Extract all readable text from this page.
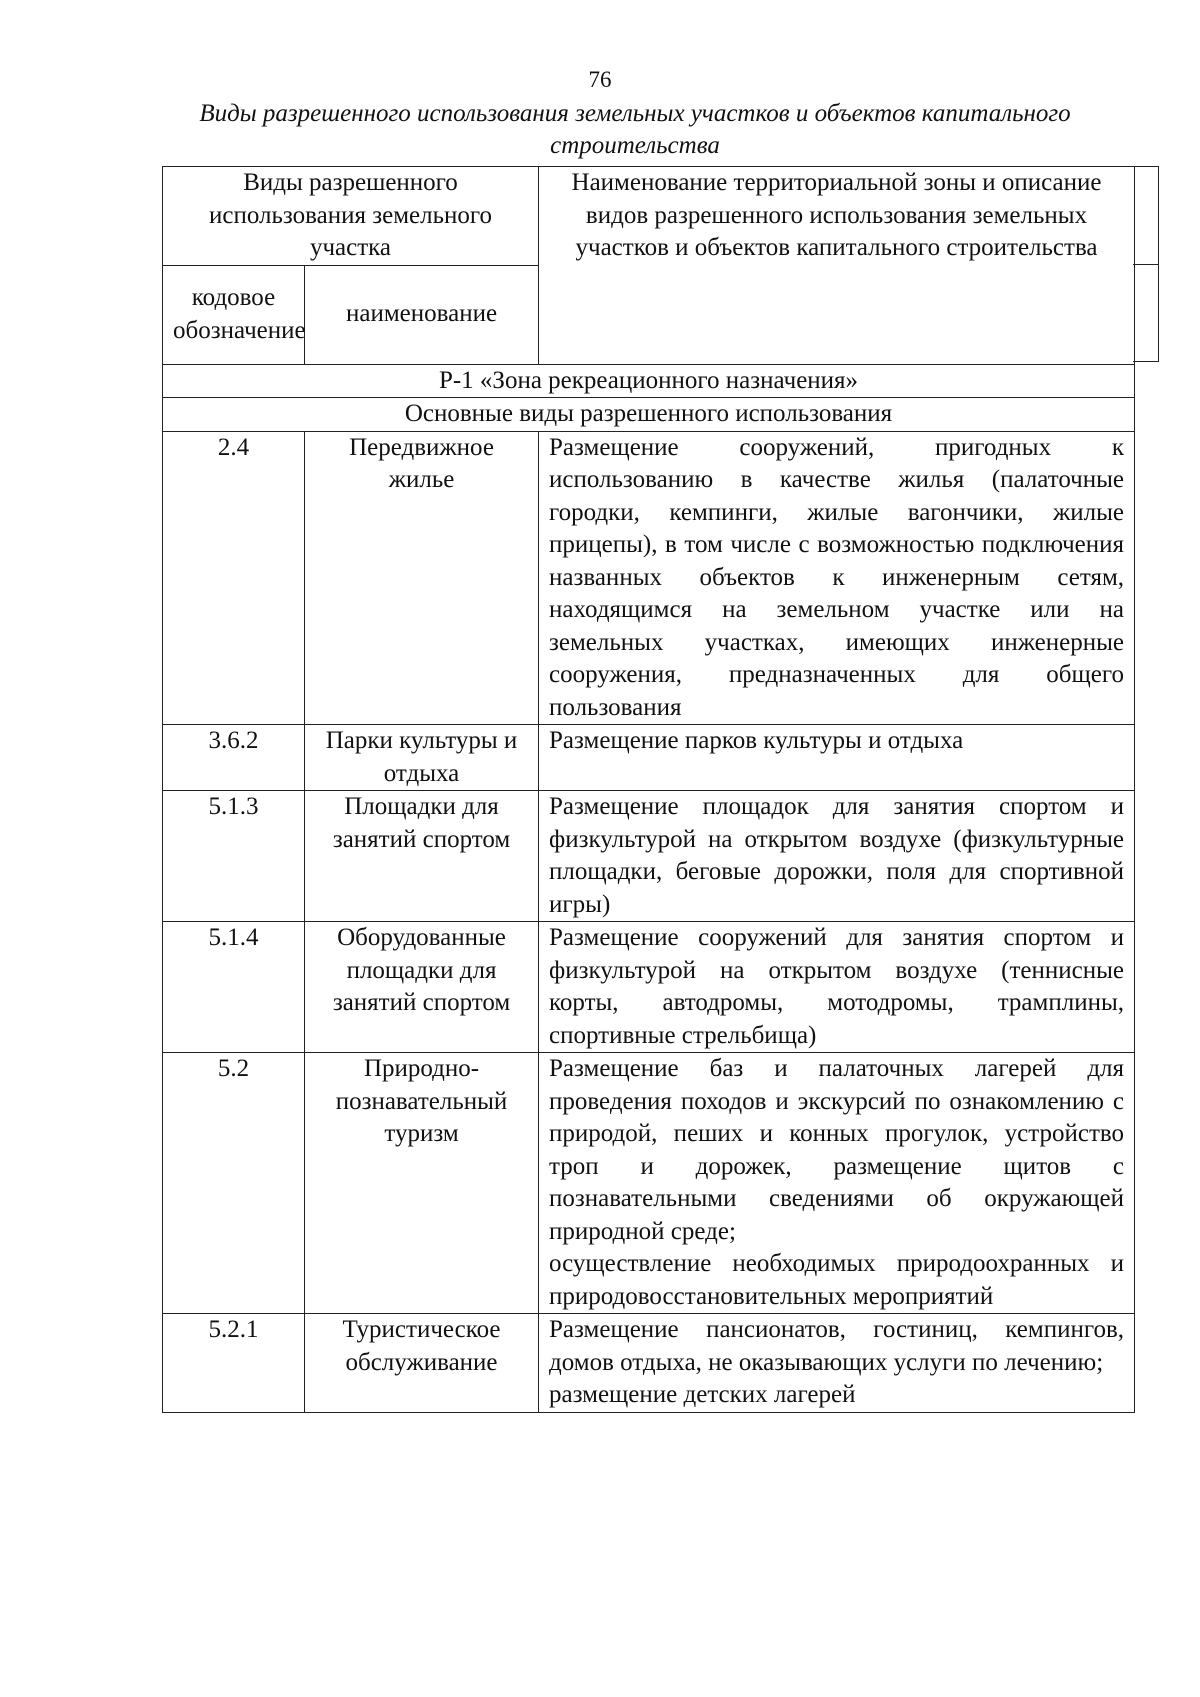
76
Виды разрешенного использования земельных участков и объектов капитального строительства
Виды разрешенного использования земельного участка		Наименование территориальной зоны и описание видов разрешенного использования земельных участков и объектов капитального строительства
кодовое обозначение	наименование	
Р-1 «Зона рекреационного назначения»		
Основные виды разрешенного использования		
2.4	Передвижное жилье	Размещение сооружений, пригодных к использованию в качестве жилья (палаточные городки, кемпинги, жилые вагончики, жилые прицепы), в том числе с возможностью подключения названных объектов к инженерным сетям, находящимся на земельном участке или на земельных участках, имеющих инженерные сооружения, предназначенных для общего пользования

3.6.2	Парки культуры и отдыха	Размещение парков культуры и отдыха

5.1.3	Площадки для занятий спортом	Размещение площадок для занятия спортом и физкультурой на открытом воздухе (физкультурные площадки, беговые дорожки, поля для спортивной игры)

5.1.4	Оборудованные площадки для занятий спортом	Размещение сооружений для занятия спортом и физкультурой на открытом воздухе (теннисные корты, автодромы, мотодромы, трамплины, спортивные стрельбища)

5.2	Природно-познавательный туризм	Размещение баз и палаточных лагерей для проведения походов и экскурсий по ознакомлению с природой, пеших и конных прогулок, устройство троп и дорожек, размещение щитов с познавательными сведениями об окружающей природной среде;
осуществление необходимых природоохранных и природовосстановительных мероприятий

5.2.1	Туристическое обслуживание	Размещение пансионатов, гостиниц, кемпингов, домов отдыха, не оказывающих услуги по лечению;
размещение детских лагерей
